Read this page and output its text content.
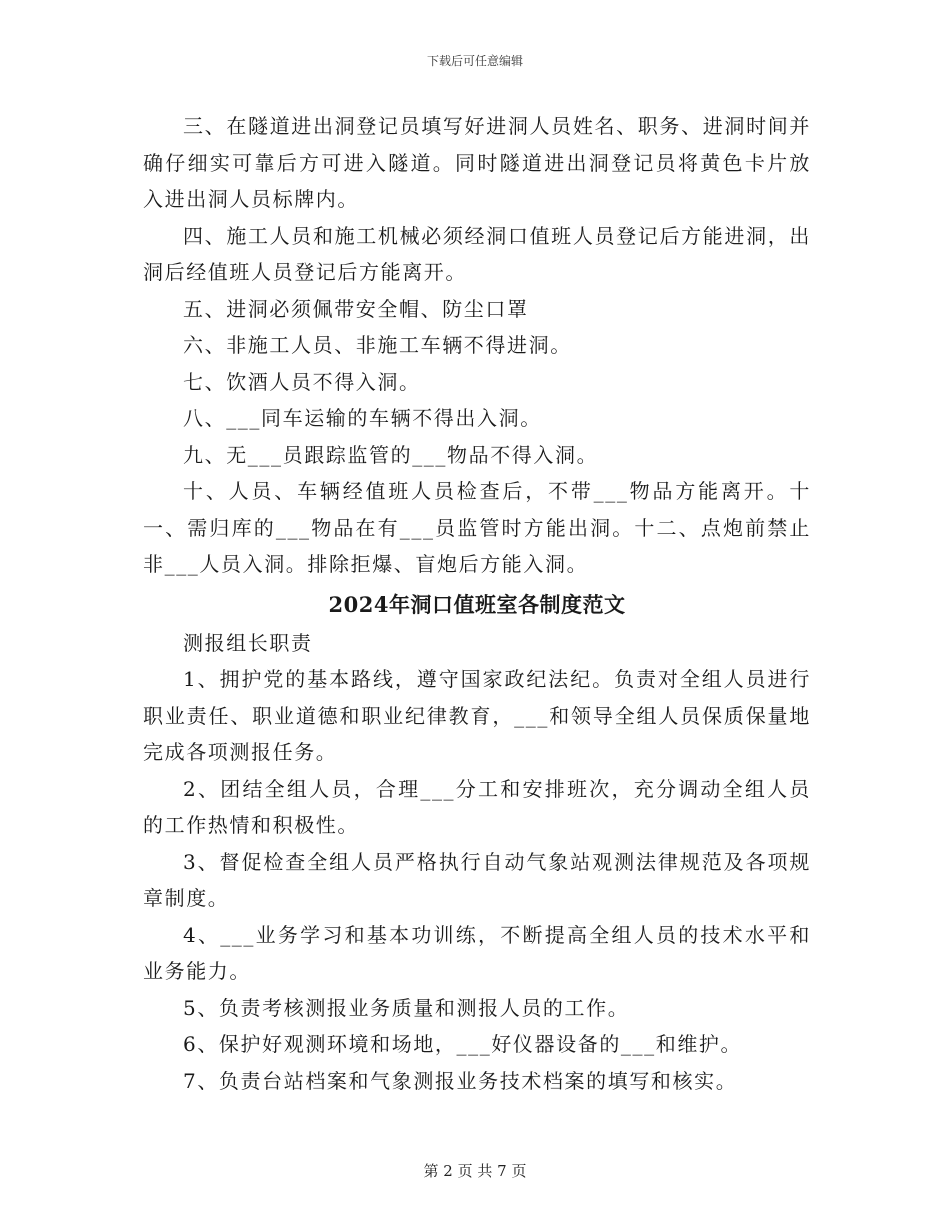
下载后可任意编辑

三、在隧道进出洞登记员填写好进洞人员姓名、职务、进洞时间并确仔细实可靠后方可进入隧道。同时隧道进出洞登记员将黄色卡片放入进出洞人员标牌内。

四、施工人员和施工机械必须经洞口值班人员登记后方能进洞，出洞后经值班人员登记后方能离开。

五、进洞必须佩带安全帽、防尘口罩

六、非施工人员、非施工车辆不得进洞。

七、饮酒人员不得入洞。

八、___同车运输的车辆不得出入洞。

九、无___员跟踪监管的___物品不得入洞。

十、人员、车辆经值班人员检查后，不带___物品方能离开。十一、需归库的___物品在有___员监管时方能出洞。十二、点炮前禁止非___人员入洞。排除拒爆、盲炮后方能入洞。

2024年洞口值班室各制度范文

测报组长职责

1、拥护党的基本路线，遵守国家政纪法纪。负责对全组人员进行职业责任、职业道德和职业纪律教育，___和领导全组人员保质保量地完成各项测报任务。

2、团结全组人员，合理___分工和安排班次，充分调动全组人员的工作热情和积极性。

3、督促检查全组人员严格执行自动气象站观测法律规范及各项规章制度。

4、___业务学习和基本功训练，不断提高全组人员的技术水平和业务能力。

5、负责考核测报业务质量和测报人员的工作。

6、保护好观测环境和场地，___好仪器设备的___和维护。

7、负责台站档案和气象测报业务技术档案的填写和核实。

第 2 页 共 7 页
